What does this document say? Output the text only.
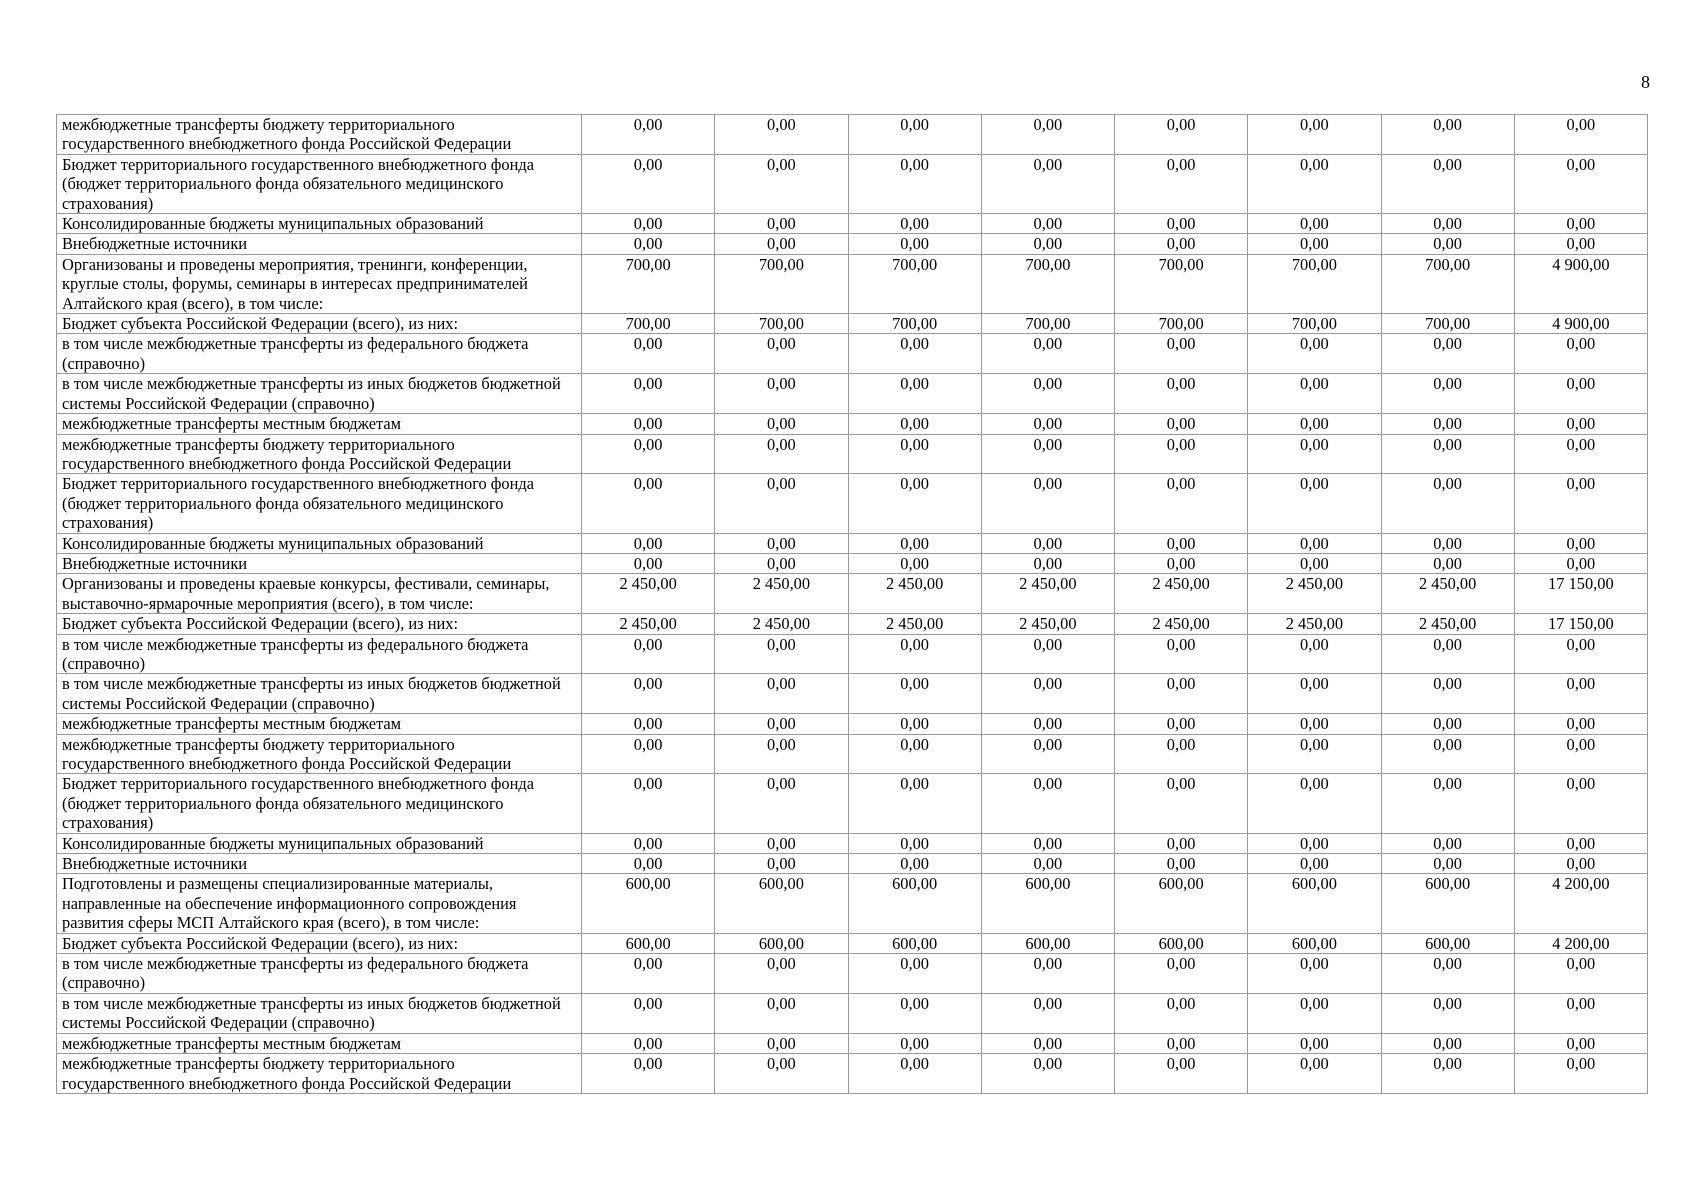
8
межбюджетные трансферты бюджету территориального государственного внебюджетного фонда Российской Федерации	0,00	0,00	0,00	0,00	0,00	0,00	0,00	0,00
Бюджет территориального государственного внебюджетного фонда (бюджет территориального фонда обязательного медицинского страхования)	0,00	0,00	0,00	0,00	0,00	0,00	0,00	0,00
Консолидированные бюджеты муниципальных образований	0,00	0,00	0,00	0,00	0,00	0,00	0,00	0,00
Внебюджетные источники	0,00	0,00	0,00	0,00	0,00	0,00	0,00	0,00
Организованы и проведены мероприятия, тренинги, конференции, круглые столы, форумы, семинары в интересах предпринимателей Алтайского края (всего), в том числе:	700,00	700,00	700,00	700,00	700,00	700,00	700,00	4 900,00
Бюджет субъекта Российской Федерации (всего), из них:	700,00	700,00	700,00	700,00	700,00	700,00	700,00	4 900,00
в том числе межбюджетные трансферты из федерального бюджета (справочно)	0,00	0,00	0,00	0,00	0,00	0,00	0,00	0,00
в том числе межбюджетные трансферты из иных бюджетов бюджетной системы Российской Федерации (справочно)	0,00	0,00	0,00	0,00	0,00	0,00	0,00	0,00
межбюджетные трансферты местным бюджетам	0,00	0,00	0,00	0,00	0,00	0,00	0,00	0,00
межбюджетные трансферты бюджету территориального государственного внебюджетного фонда Российской Федерации	0,00	0,00	0,00	0,00	0,00	0,00	0,00	0,00
Бюджет территориального государственного внебюджетного фонда (бюджет территориального фонда обязательного медицинского страхования)	0,00	0,00	0,00	0,00	0,00	0,00	0,00	0,00
Консолидированные бюджеты муниципальных образований	0,00	0,00	0,00	0,00	0,00	0,00	0,00	0,00
Внебюджетные источники	0,00	0,00	0,00	0,00	0,00	0,00	0,00	0,00
Организованы и проведены краевые конкурсы, фестивали, семинары, выставочно-ярмарочные мероприятия (всего), в том числе:	2 450,00	2 450,00	2 450,00	2 450,00	2 450,00	2 450,00	2 450,00	17 150,00
Бюджет субъекта Российской Федерации (всего), из них:	2 450,00	2 450,00	2 450,00	2 450,00	2 450,00	2 450,00	2 450,00	17 150,00
в том числе межбюджетные трансферты из федерального бюджета (справочно)	0,00	0,00	0,00	0,00	0,00	0,00	0,00	0,00
в том числе межбюджетные трансферты из иных бюджетов бюджетной системы Российской Федерации (справочно)	0,00	0,00	0,00	0,00	0,00	0,00	0,00	0,00
межбюджетные трансферты местным бюджетам	0,00	0,00	0,00	0,00	0,00	0,00	0,00	0,00
межбюджетные трансферты бюджету территориального государственного внебюджетного фонда Российской Федерации	0,00	0,00	0,00	0,00	0,00	0,00	0,00	0,00
Бюджет территориального государственного внебюджетного фонда (бюджет территориального фонда обязательного медицинского страхования)	0,00	0,00	0,00	0,00	0,00	0,00	0,00	0,00
Консолидированные бюджеты муниципальных образований	0,00	0,00	0,00	0,00	0,00	0,00	0,00	0,00
Внебюджетные источники	0,00	0,00	0,00	0,00	0,00	0,00	0,00	0,00
Подготовлены и размещены специализированные материалы, направленные на обеспечение информационного сопровождения развития сферы МСП Алтайского края (всего), в том числе:	600,00	600,00	600,00	600,00	600,00	600,00	600,00	4 200,00
Бюджет субъекта Российской Федерации (всего), из них:	600,00	600,00	600,00	600,00	600,00	600,00	600,00	4 200,00
в том числе межбюджетные трансферты из федерального бюджета (справочно)	0,00	0,00	0,00	0,00	0,00	0,00	0,00	0,00
в том числе межбюджетные трансферты из иных бюджетов бюджетной системы Российской Федерации (справочно)	0,00	0,00	0,00	0,00	0,00	0,00	0,00	0,00
межбюджетные трансферты местным бюджетам	0,00	0,00	0,00	0,00	0,00	0,00	0,00	0,00
межбюджетные трансферты бюджету территориального государственного внебюджетного фонда Российской Федерации	0,00	0,00	0,00	0,00	0,00	0,00	0,00	0,00
